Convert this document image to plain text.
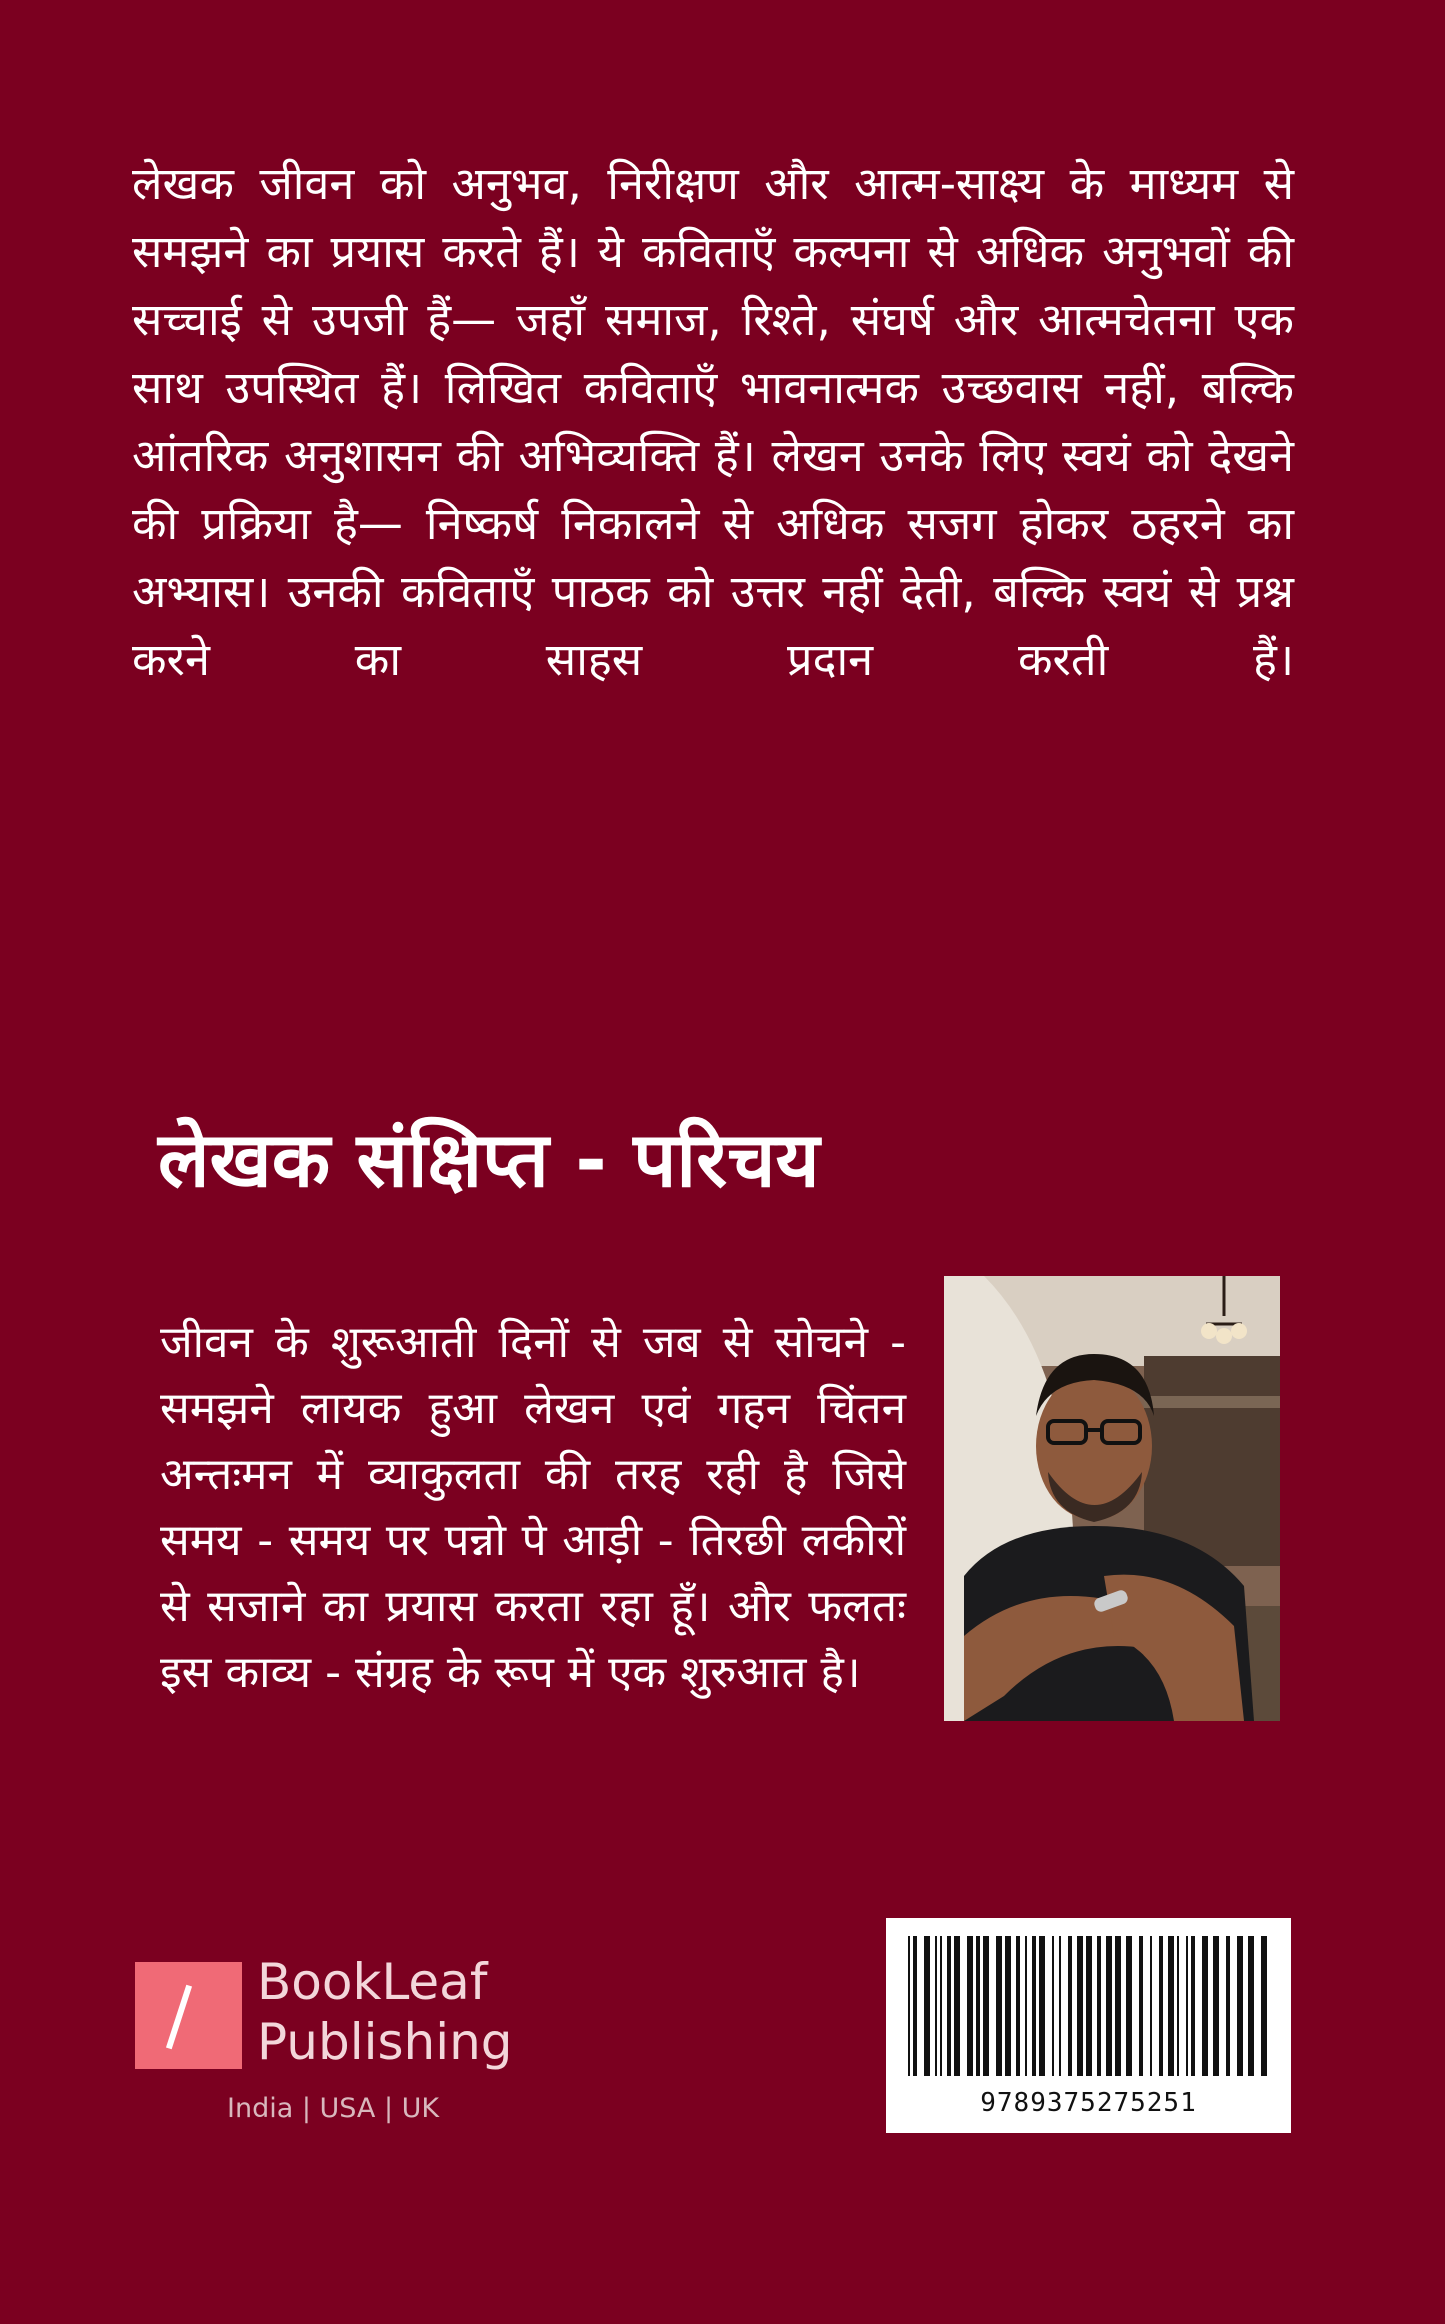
लेखक जीवन को अनुभव, निरीक्षण और आत्म-साक्ष्य के माध्यम से समझने का प्रयास करते हैं। ये कविताएँ कल्पना से अधिक अनुभवों की सच्चाई से उपजी हैं— जहाँ समाज, रिश्ते, संघर्ष और आत्मचेतना एक साथ उपस्थित हैं। लिखित कविताएँ भावनात्मक उच्छवास नहीं, बल्कि आंतरिक अनुशासन की अभिव्यक्ति हैं। लेखन उनके लिए स्वयं को देखने की प्रक्रिया है— निष्कर्ष निकालने से अधिक सजग होकर ठहरने का अभ्यास। उनकी कविताएँ पाठक को उत्तर नहीं देती, बल्कि स्वयं से प्रश्न करने का साहस प्रदान करती हैं।

लेखक संक्षिप्त - परिचय

जीवन के शुरूआती दिनों से जब से सोचने - समझने लायक हुआ लेखन एवं गहन चिंतन अन्तःमन में व्याकुलता की तरह रही है जिसे समय - समय पर पन्नो पे आड़ी - तिरछी लकीरों से सजाने का प्रयास करता रहा हूँ। और फलतः इस काव्य - संग्रह के रूप में एक शुरुआत है।

BookLeaf
Publishing

India | USA | UK	9789375275251
